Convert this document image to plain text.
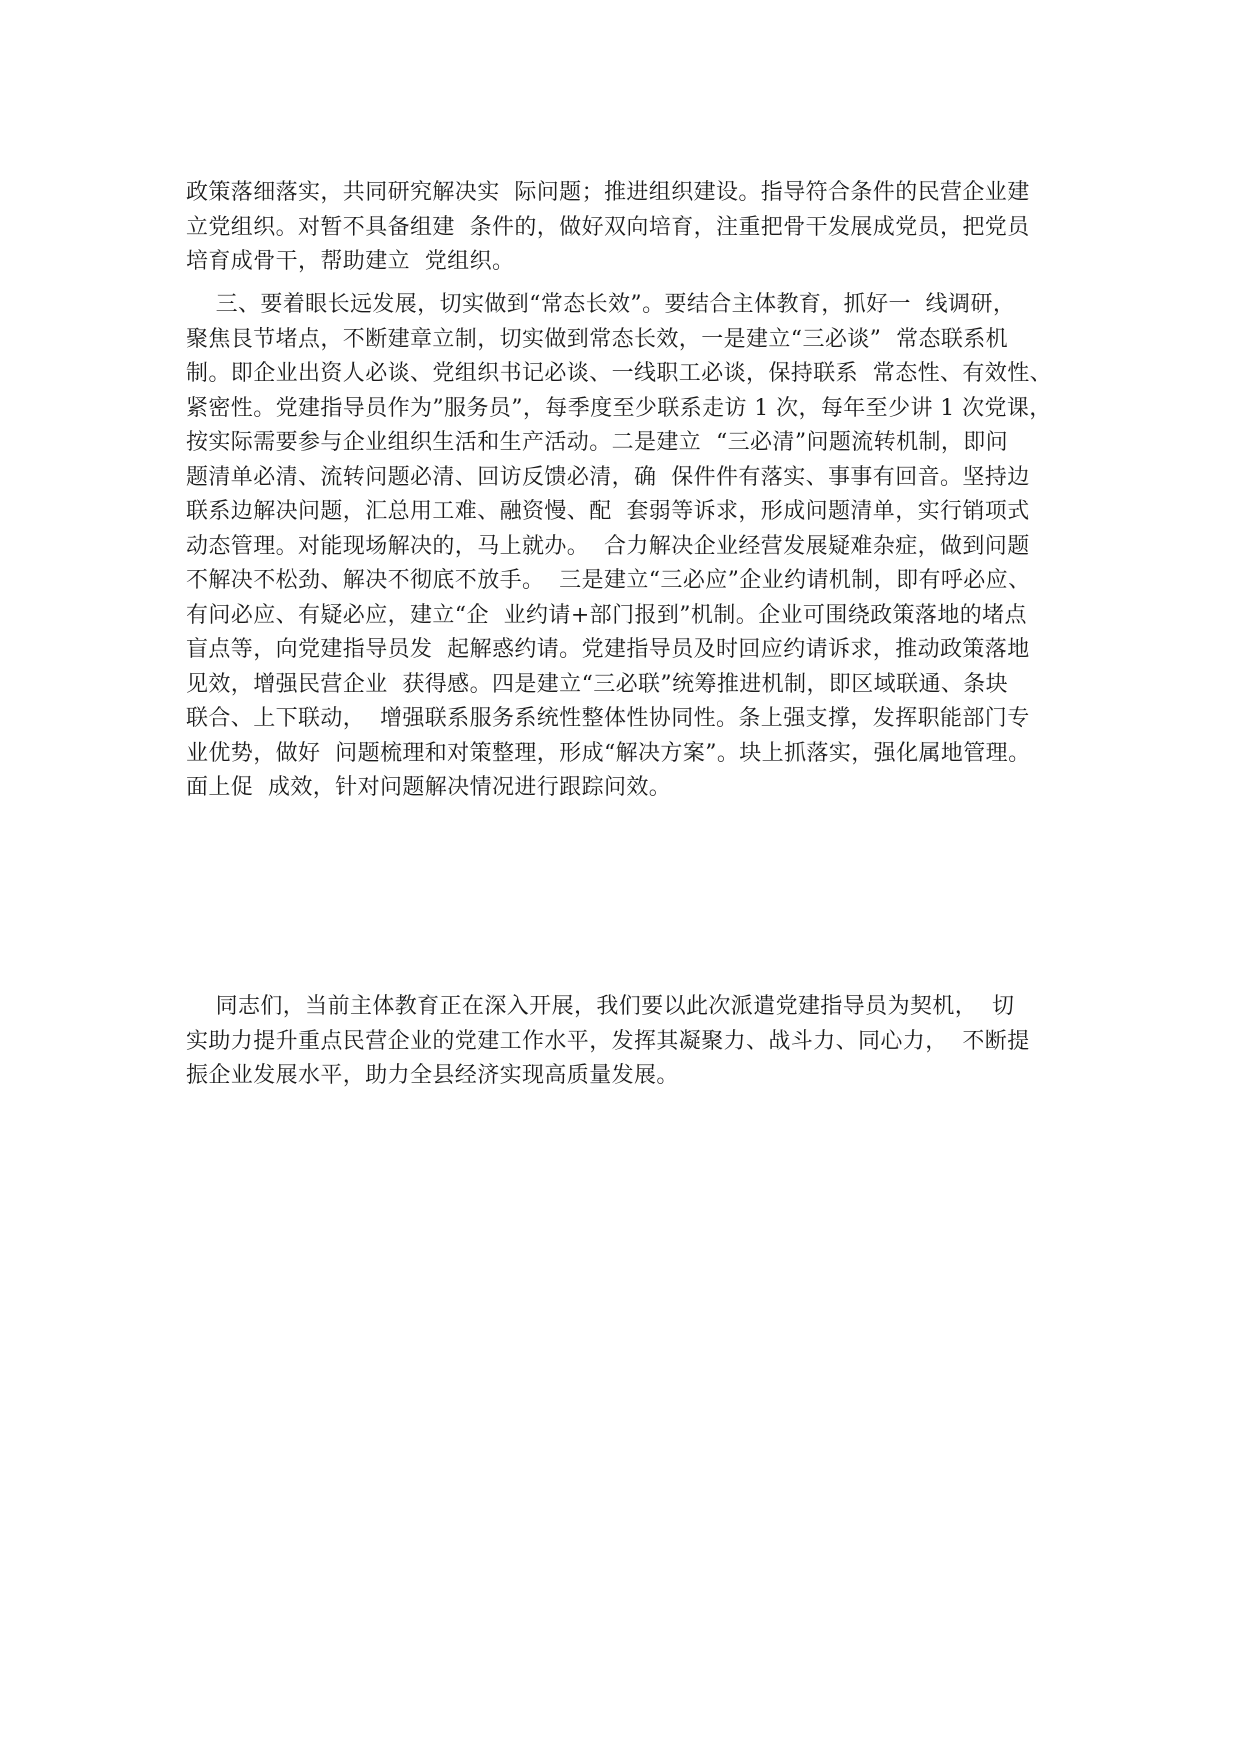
政策落细落实，共同研究解决实  际问题；推进组织建设。指导符合条件的民营企业建
立党组织。对暂不具备组建  条件的，做好双向培育，注重把骨干发展成党员，把党员
培育成骨干，帮助建立  党组织。
三、要着眼长远发展，切实做到“常态长效”。要结合主体教育，抓好一  线调研，
聚焦艮节堵点，不断建章立制，切实做到常态长效，一是建立“三必谈”  常态联系机
制。即企业出资人必谈、党组织书记必谈、一线职工必谈，保持联系  常态性、有效性、
紧密性。党建指导员作为”服务员”，每季度至少联系走访 1 次，每年至少讲 1 次党课，
按实际需要参与企业组织生活和生产活动。二是建立  “三必清”问题流转机制，即问
题清单必清、流转问题必清、回访反馈必清，确  保件件有落实、事事有回音。坚持边
联系边解决问题，汇总用工难、融资慢、配  套弱等诉求，形成问题清单，实行销项式
动态管理。对能现场解决的，马上就办。  合力解决企业经营发展疑难杂症，做到问题
不解决不松劲、解决不彻底不放手。  三是建立“三必应”企业约请机制，即有呼必应、
有问必应、有疑必应，建立“企  业约请+部门报到”机制。企业可围绕政策落地的堵点
盲点等，向党建指导员发  起解惑约请。党建指导员及时回应约请诉求，推动政策落地
见效，增强民营企业  获得感。四是建立“三必联”统筹推进机制，即区域联通、条块
联合、上下联动，  增强联系服务系统性整体性协同性。条上强支撑，发挥职能部门专
业优势，做好  问题梳理和对策整理，形成“解决方案”。块上抓落实，强化属地管理。
面上促  成效，针对问题解决情况进行跟踪问效。
同志们，当前主体教育正在深入开展，我们要以此次派遣党建指导员为契机，  切
实助力提升重点民营企业的党建工作水平，发挥其凝聚力、战斗力、同心力，  不断提
振企业发展水平，助力全县经济实现高质量发展。
